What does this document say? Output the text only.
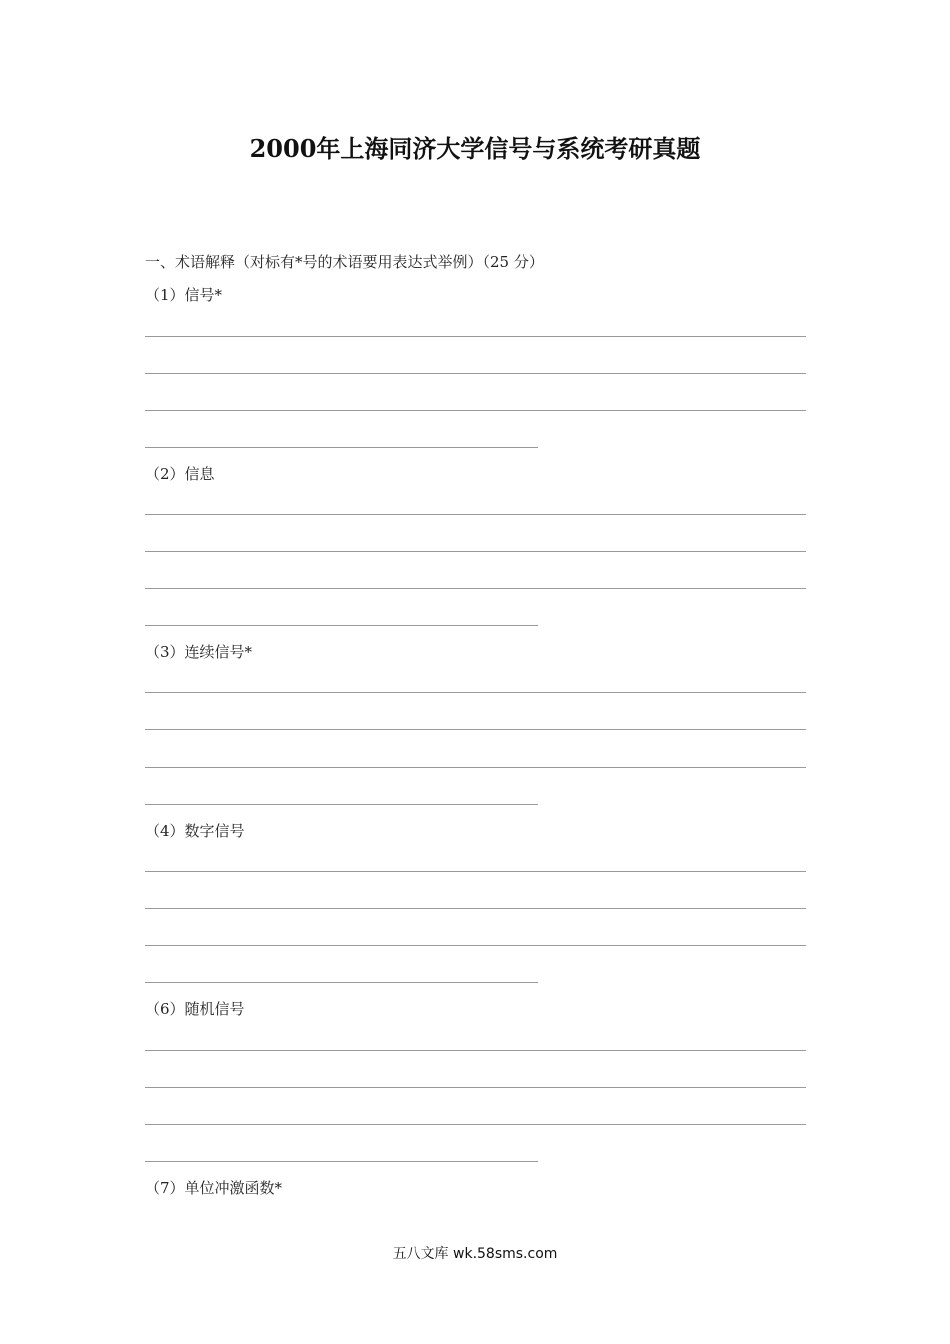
2000年上海同济大学信号与系统考研真题
一、术语解释（对标有*号的术语要用表达式举例）（25 分）
（1）信号*
（2）信息
（3）连续信号*
（4）数字信号
（6）随机信号
（7）单位冲激函数*
五八文库 wk.58sms.com
